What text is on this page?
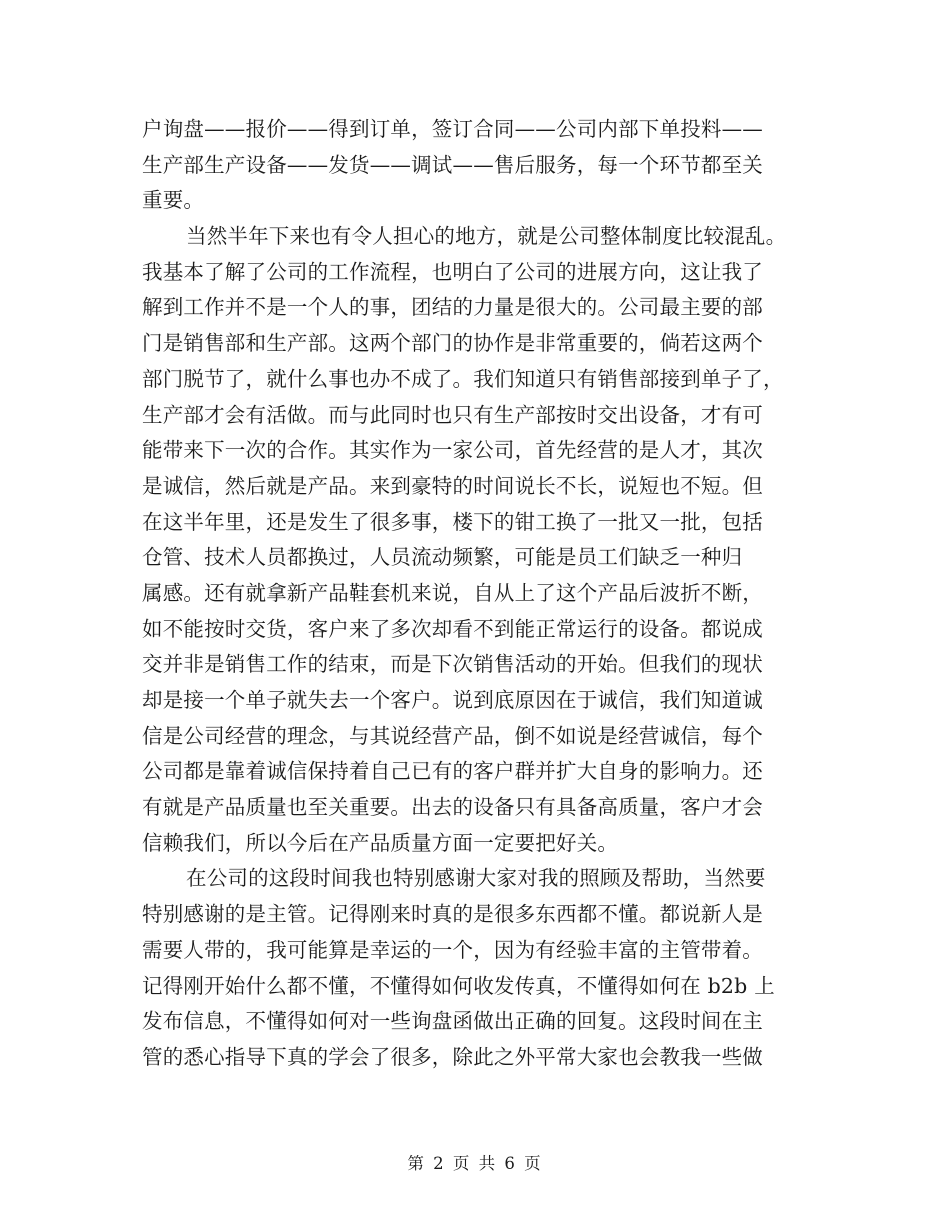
户询盘——报价——得到订单，签订合同——公司内部下单投料——
生产部生产设备——发货——调试——售后服务，每一个环节都至关
重要。
当然半年下来也有令人担心的地方，就是公司整体制度比较混乱。
我基本了解了公司的工作流程，也明白了公司的进展方向，这让我了
解到工作并不是一个人的事，团结的力量是很大的。公司最主要的部
门是销售部和生产部。这两个部门的协作是非常重要的，倘若这两个
部门脱节了，就什么事也办不成了。我们知道只有销售部接到单子了，
生产部才会有活做。而与此同时也只有生产部按时交出设备，才有可
能带来下一次的合作。其实作为一家公司，首先经营的是人才，其次
是诚信，然后就是产品。来到豪特的时间说长不长，说短也不短。但
在这半年里，还是发生了很多事，楼下的钳工换了一批又一批，包括
仓管、技术人员都换过，人员流动频繁，可能是员工们缺乏一种归
属感。还有就拿新产品鞋套机来说，自从上了这个产品后波折不断，
如不能按时交货，客户来了多次却看不到能正常运行的设备。都说成
交并非是销售工作的结束，而是下次销售活动的开始。但我们的现状
却是接一个单子就失去一个客户。说到底原因在于诚信，我们知道诚
信是公司经营的理念，与其说经营产品，倒不如说是经营诚信，每个
公司都是靠着诚信保持着自己已有的客户群并扩大自身的影响力。还
有就是产品质量也至关重要。出去的设备只有具备高质量，客户才会
信赖我们，所以今后在产品质量方面一定要把好关。
在公司的这段时间我也特别感谢大家对我的照顾及帮助，当然要
特别感谢的是主管。记得刚来时真的是很多东西都不懂。都说新人是
需要人带的，我可能算是幸运的一个，因为有经验丰富的主管带着。
记得刚开始什么都不懂，不懂得如何收发传真，不懂得如何在 b2b 上
发布信息，不懂得如何对一些询盘函做出正确的回复。这段时间在主
管的悉心指导下真的学会了很多，除此之外平常大家也会教我一些做
第 2 页 共 6 页
